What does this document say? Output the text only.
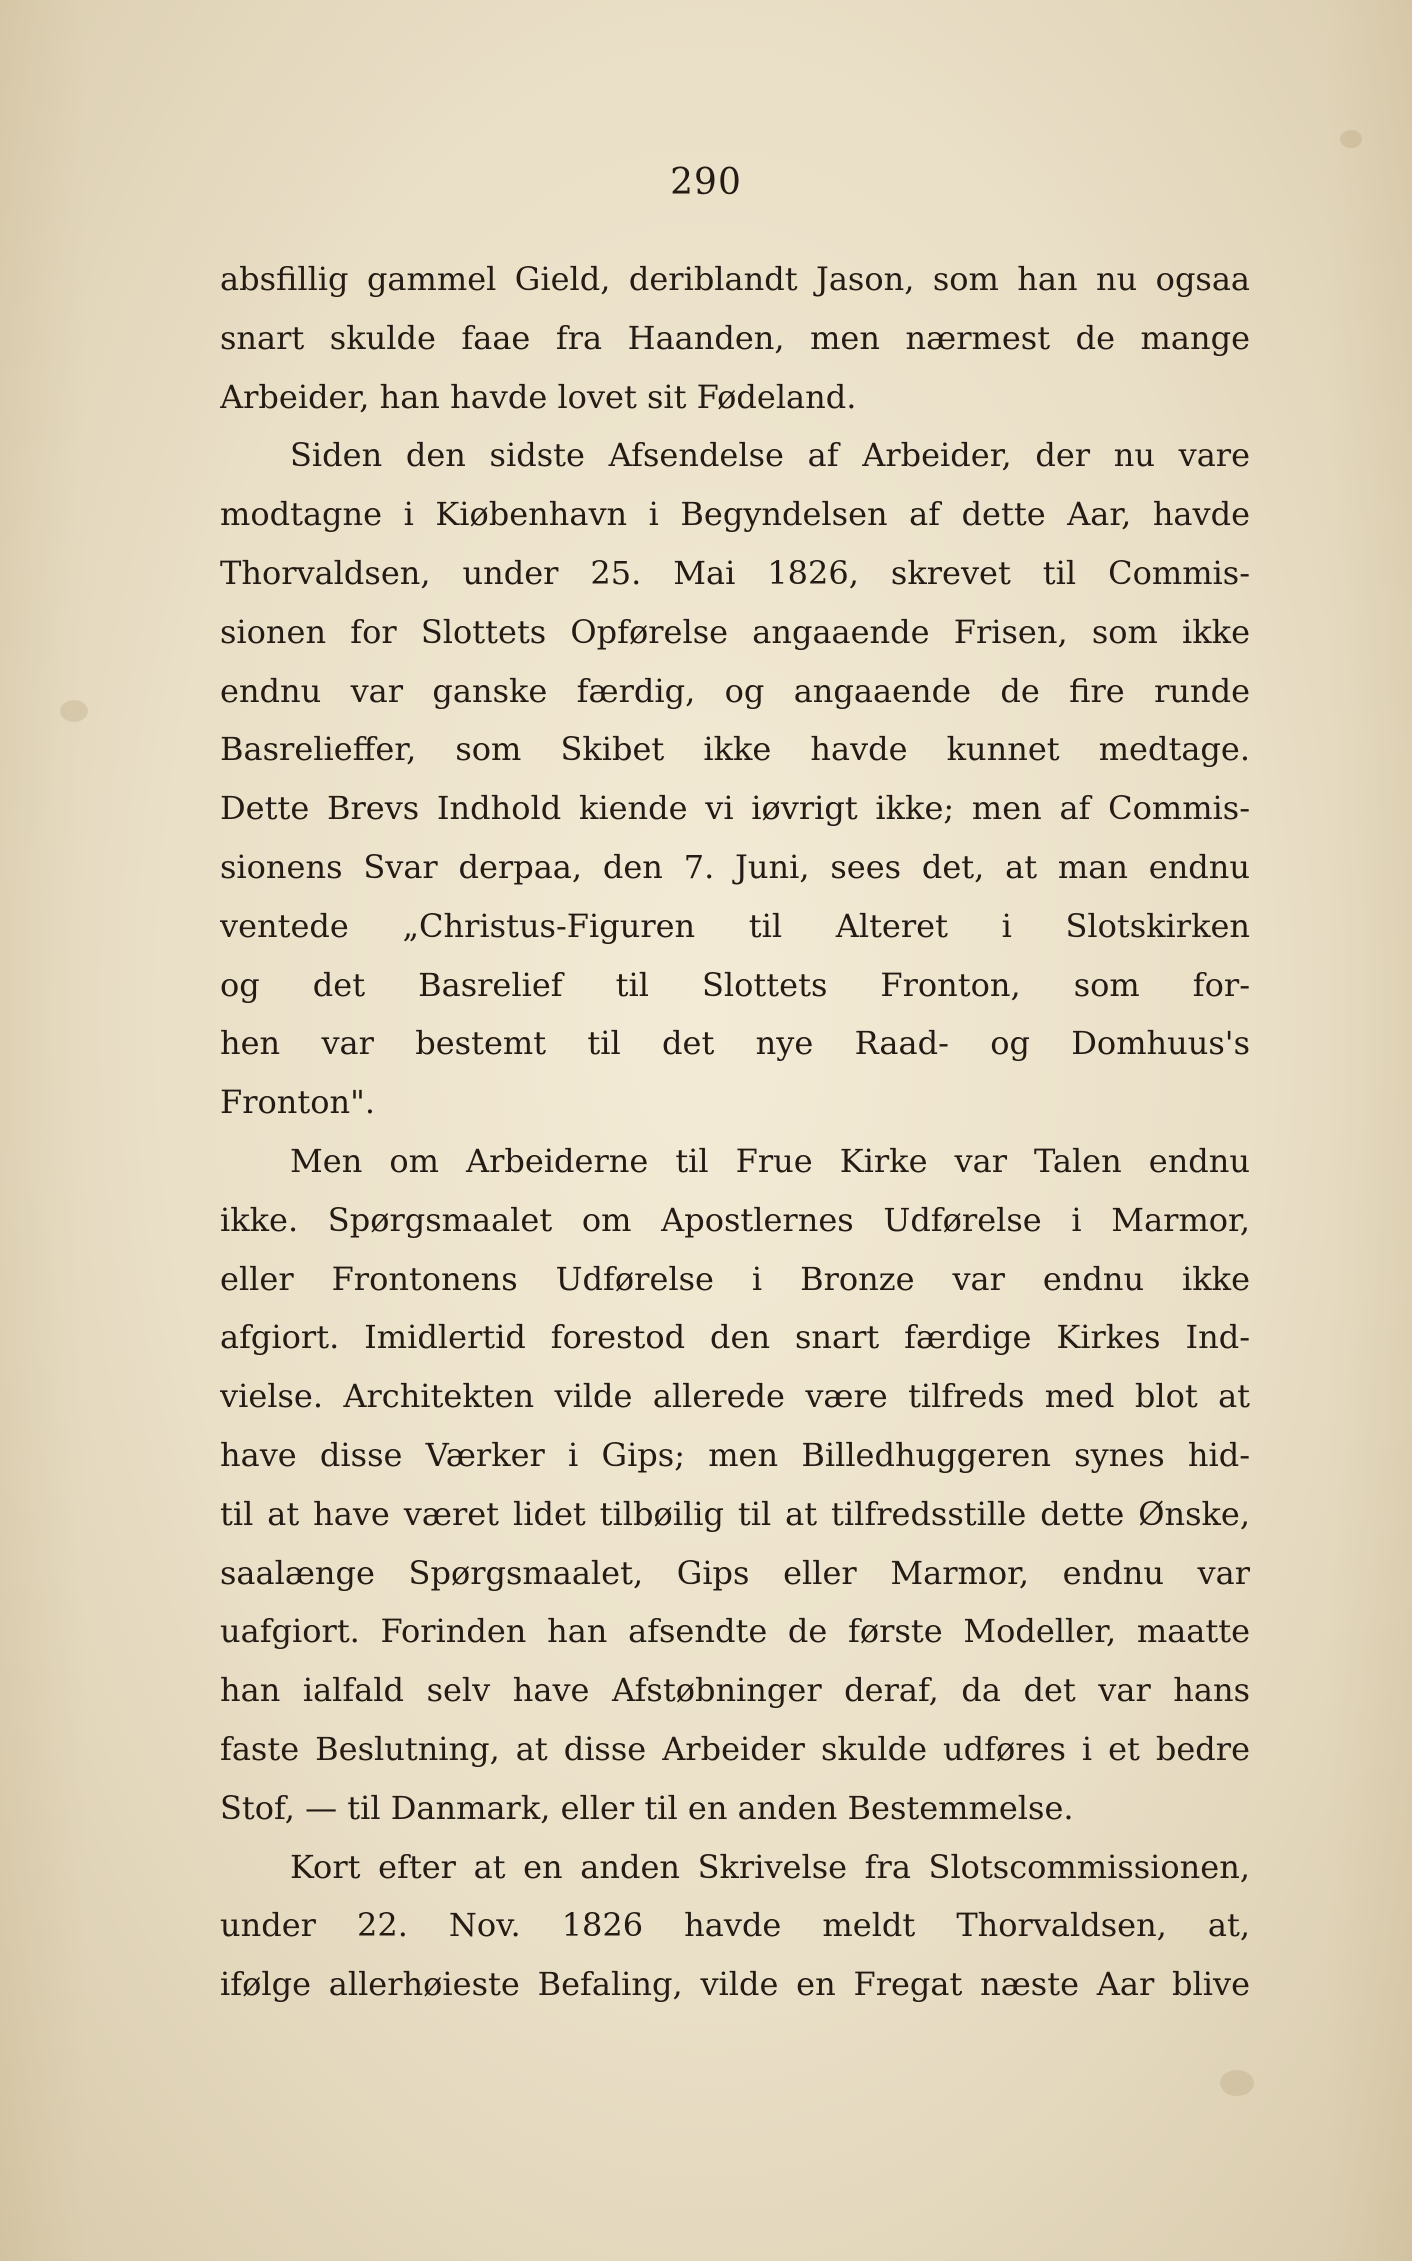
290
absfillig gammel Gield, deriblandt Jason, som han nu ogsaa
snart skulde faae fra Haanden, men nærmest de mange
Arbeider, han havde lovet sit Fødeland.
Siden den sidste Afsendelse af Arbeider, der nu vare
modtagne i Kiøbenhavn i Begyndelsen af dette Aar, havde
Thorvaldsen, under 25. Mai 1826, skrevet til Commis-
sionen for Slottets Opførelse angaaende Frisen, som ikke
endnu var ganske færdig, og angaaende de fire runde
Basrelieffer, som Skibet ikke havde kunnet medtage.
Dette Brevs Indhold kiende vi iøvrigt ikke; men af Commis-
sionens Svar derpaa, den 7. Juni, sees det, at man endnu
ventede „Christus-Figuren til Alteret i Slotskirken
og det Basrelief til Slottets Fronton, som for-
hen var bestemt til det nye Raad- og Domhuus's
Fronton".
Men om Arbeiderne til Frue Kirke var Talen endnu
ikke. Spørgsmaalet om Apostlernes Udførelse i Marmor,
eller Frontonens Udførelse i Bronze var endnu ikke
afgiort. Imidlertid forestod den snart færdige Kirkes Ind-
vielse. Architekten vilde allerede være tilfreds med blot at
have disse Værker i Gips; men Billedhuggeren synes hid-
til at have været lidet tilbøilig til at tilfredsstille dette Ønske,
saalænge Spørgsmaalet, Gips eller Marmor, endnu var
uafgiort. Forinden han afsendte de første Modeller, maatte
han ialfald selv have Afstøbninger deraf, da det var hans
faste Beslutning, at disse Arbeider skulde udføres i et bedre
Stof, — til Danmark, eller til en anden Bestemmelse.
Kort efter at en anden Skrivelse fra Slotscommissionen,
under 22. Nov. 1826 havde meldt Thorvaldsen, at,
ifølge allerhøieste Befaling, vilde en Fregat næste Aar blive
